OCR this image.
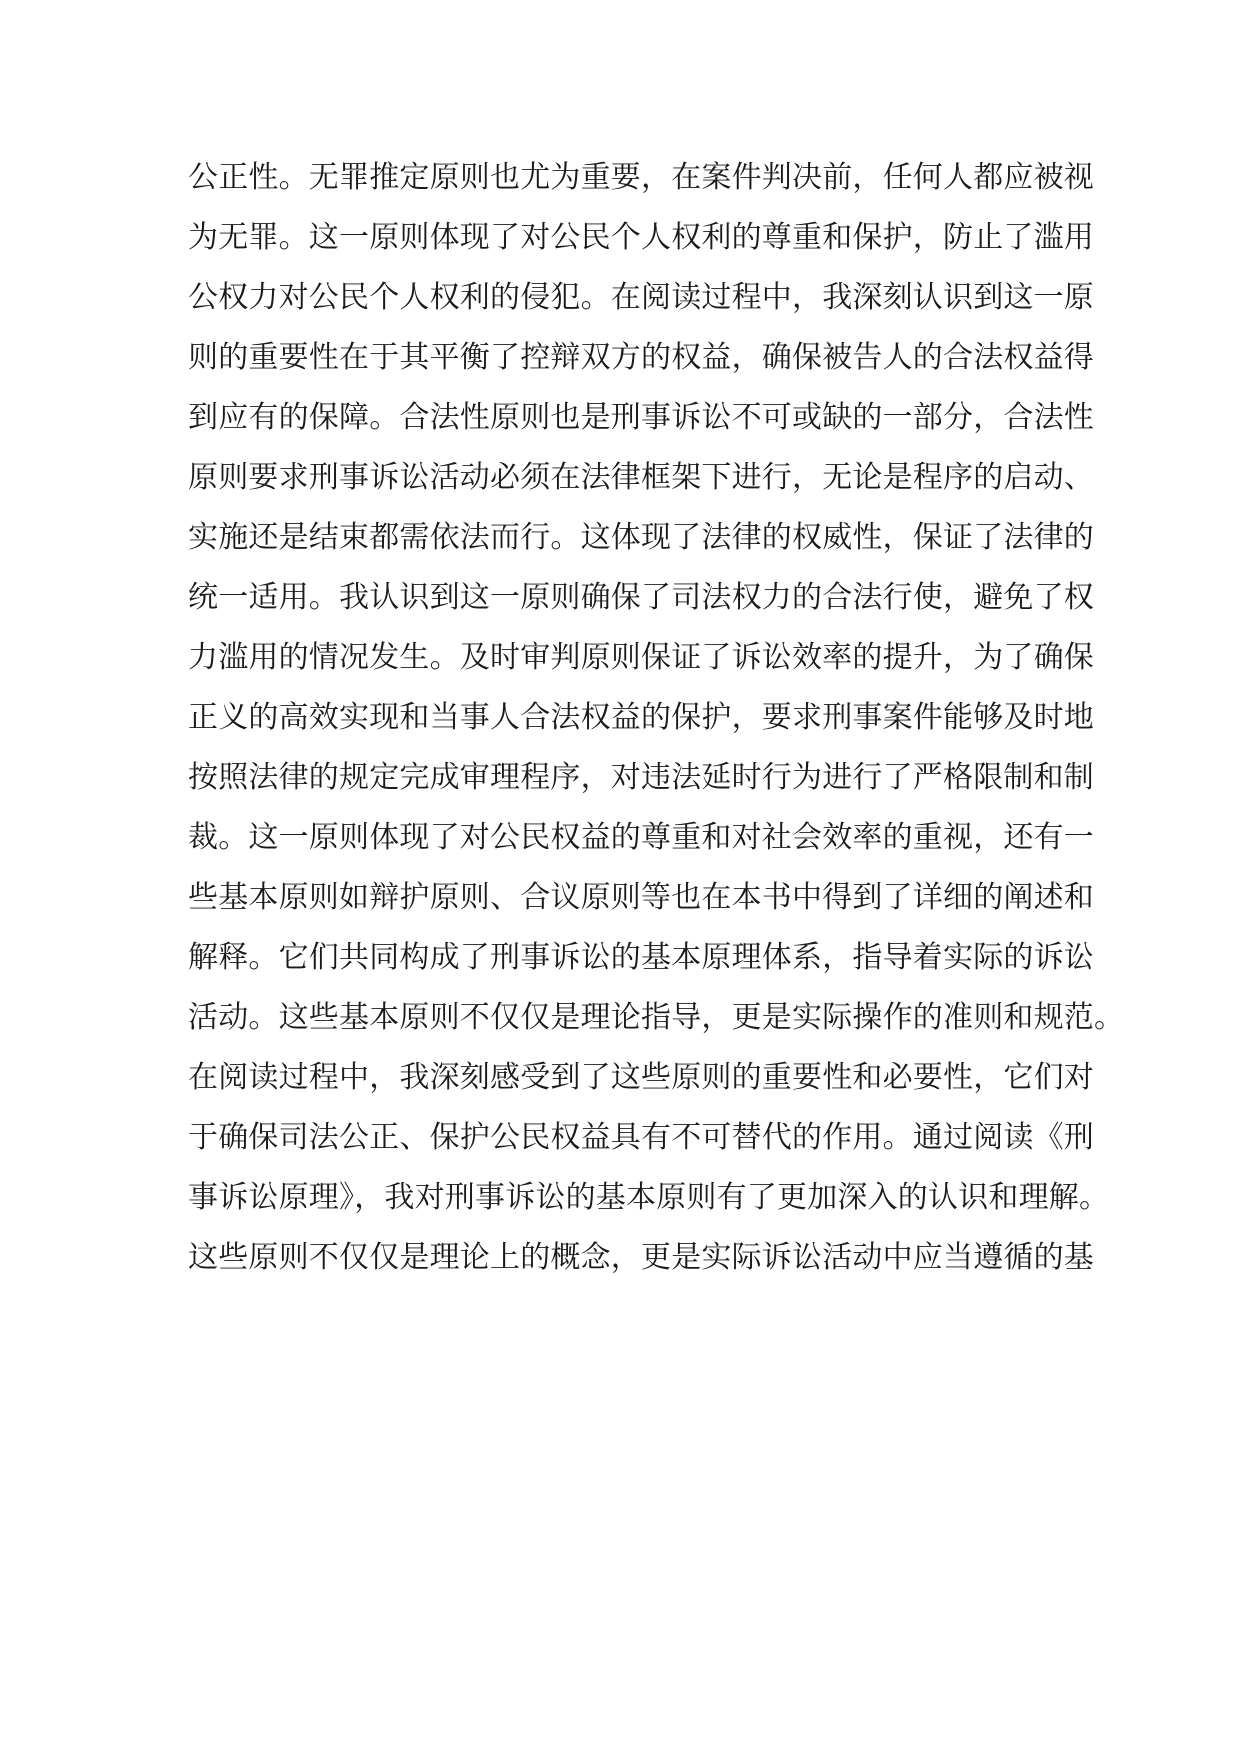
公正性。无罪推定原则也尤为重要，在案件判决前，任何人都应被视
为无罪。这一原则体现了对公民个人权利的尊重和保护，防止了滥用
公权力对公民个人权利的侵犯。在阅读过程中，我深刻认识到这一原
则的重要性在于其平衡了控辩双方的权益，确保被告人的合法权益得
到应有的保障。合法性原则也是刑事诉讼不可或缺的一部分，合法性
原则要求刑事诉讼活动必须在法律框架下进行，无论是程序的启动、
实施还是结束都需依法而行。这体现了法律的权威性，保证了法律的
统一适用。我认识到这一原则确保了司法权力的合法行使，避免了权
力滥用的情况发生。及时审判原则保证了诉讼效率的提升，为了确保
正义的高效实现和当事人合法权益的保护，要求刑事案件能够及时地
按照法律的规定完成审理程序，对违法延时行为进行了严格限制和制
裁。这一原则体现了对公民权益的尊重和对社会效率的重视，还有一
些基本原则如辩护原则、合议原则等也在本书中得到了详细的阐述和
解释。它们共同构成了刑事诉讼的基本原理体系，指导着实际的诉讼
活动。这些基本原则不仅仅是理论指导，更是实际操作的准则和规范。
在阅读过程中，我深刻感受到了这些原则的重要性和必要性，它们对
于确保司法公正、保护公民权益具有不可替代的作用。通过阅读《刑
事诉讼原理》，我对刑事诉讼的基本原则有了更加深入的认识和理解。
这些原则不仅仅是理论上的概念，更是实际诉讼活动中应当遵循的基
